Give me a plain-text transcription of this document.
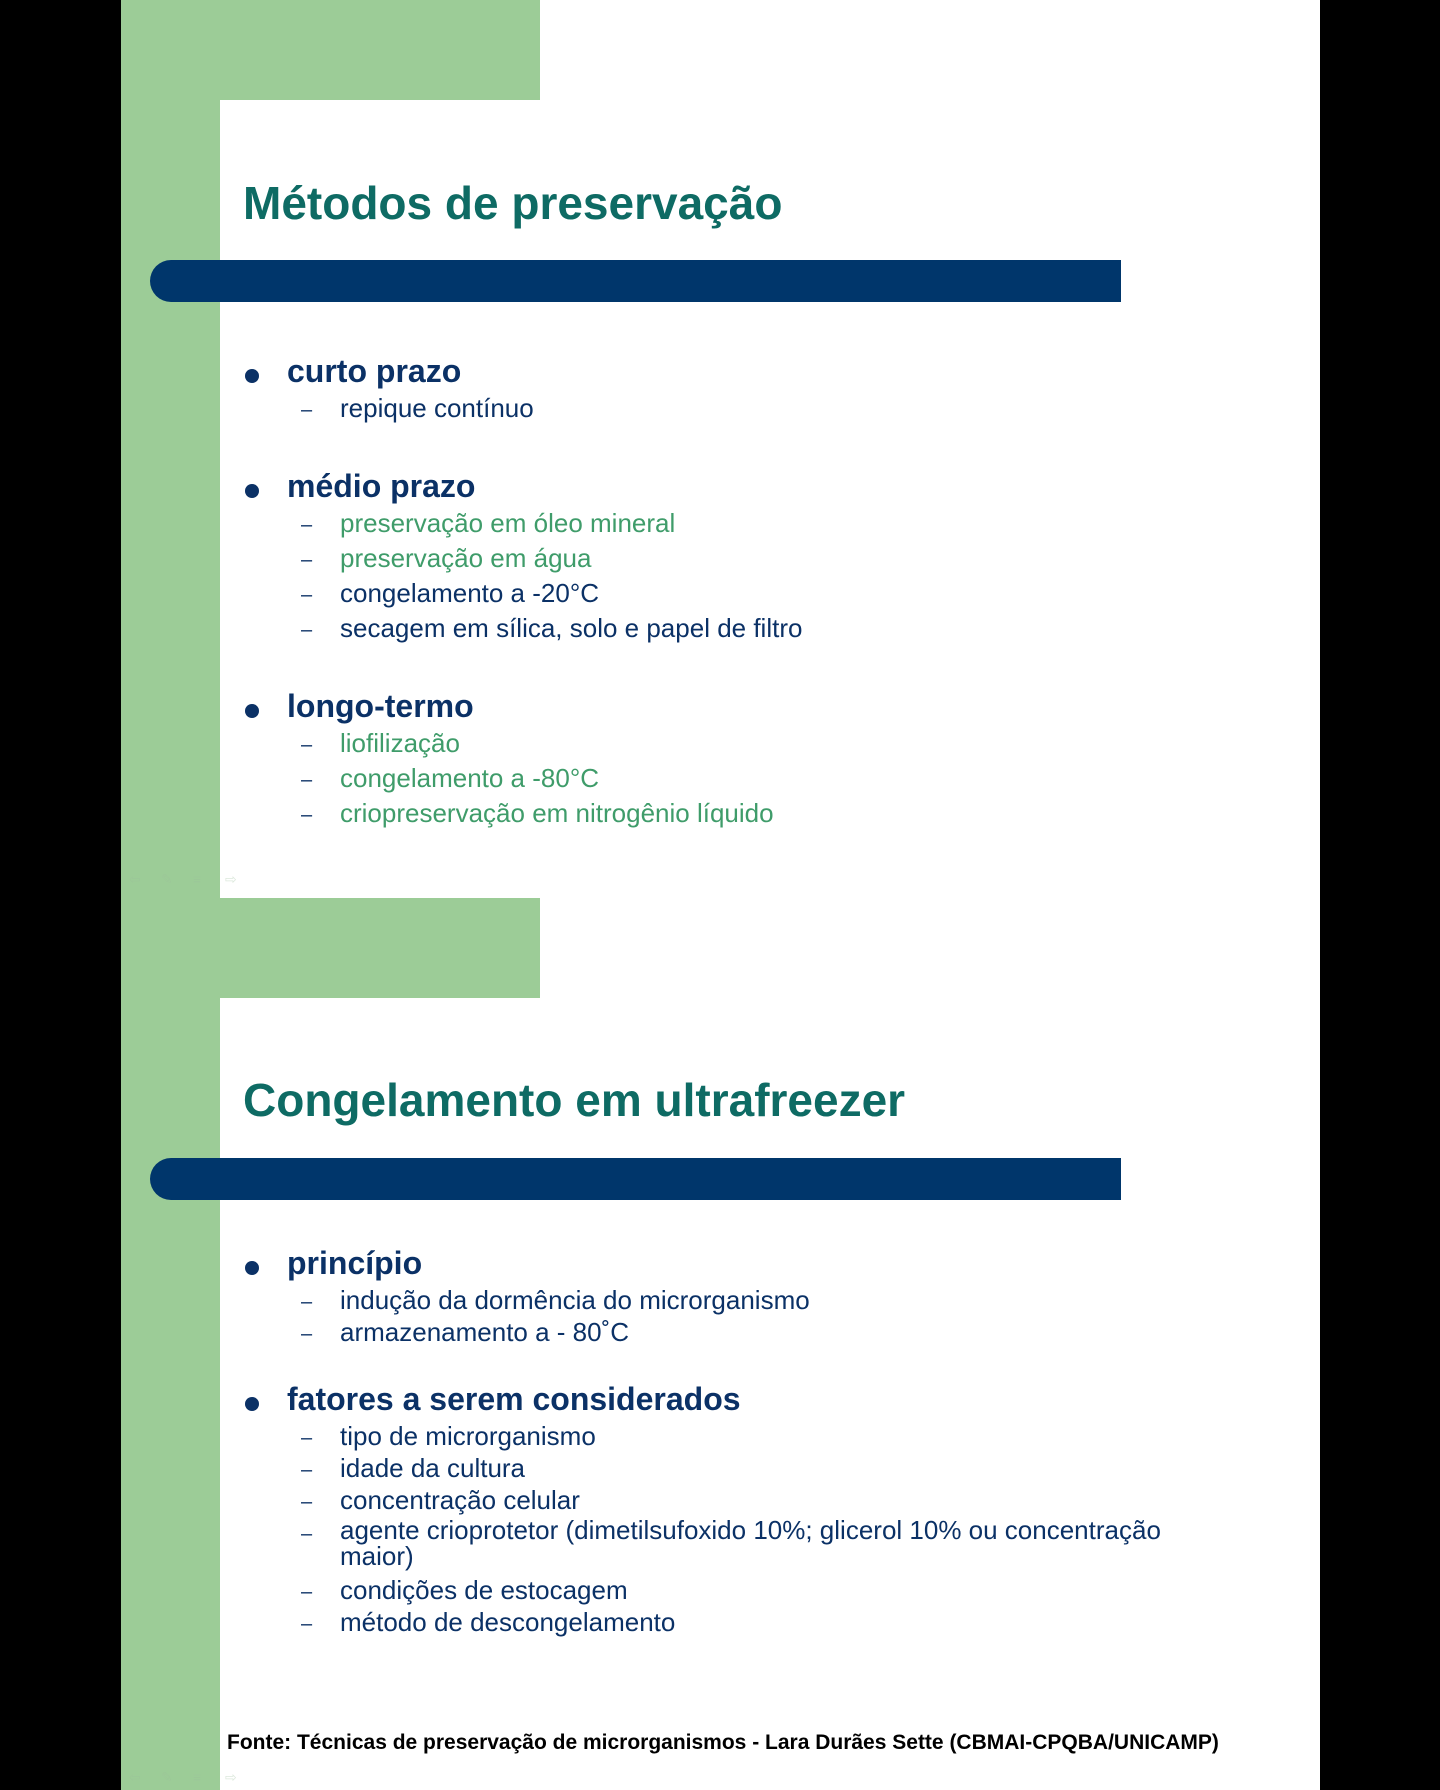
Métodos de preservação
curto prazo
– repique contínuo
médio prazo
– preservação em óleo mineral
– preservação em água
– congelamento a -20°C
– secagem em sílica, solo e papel de filtro
longo-termo
– liofilização
– congelamento a -80°C
– criopreservação em nitrogênio líquido
⇦	✎	≡	⇨
Congelamento em ultrafreezer
princípio
– indução da dormência do microrganismo
– armazenamento a - 80˚C
fatores a serem considerados
– tipo de microrganismo
– idade da cultura
– concentração celular
– agente crioprotetor (dimetilsufoxido 10%; glicerol 10% ou concentração maior)
– condições de estocagem
– método de descongelamento
⇦	✎	≡	⇨

Fonte: Técnicas de preservação de microrganismos - Lara Durães Sette (CBMAI-CPQBA/UNICAMP)
